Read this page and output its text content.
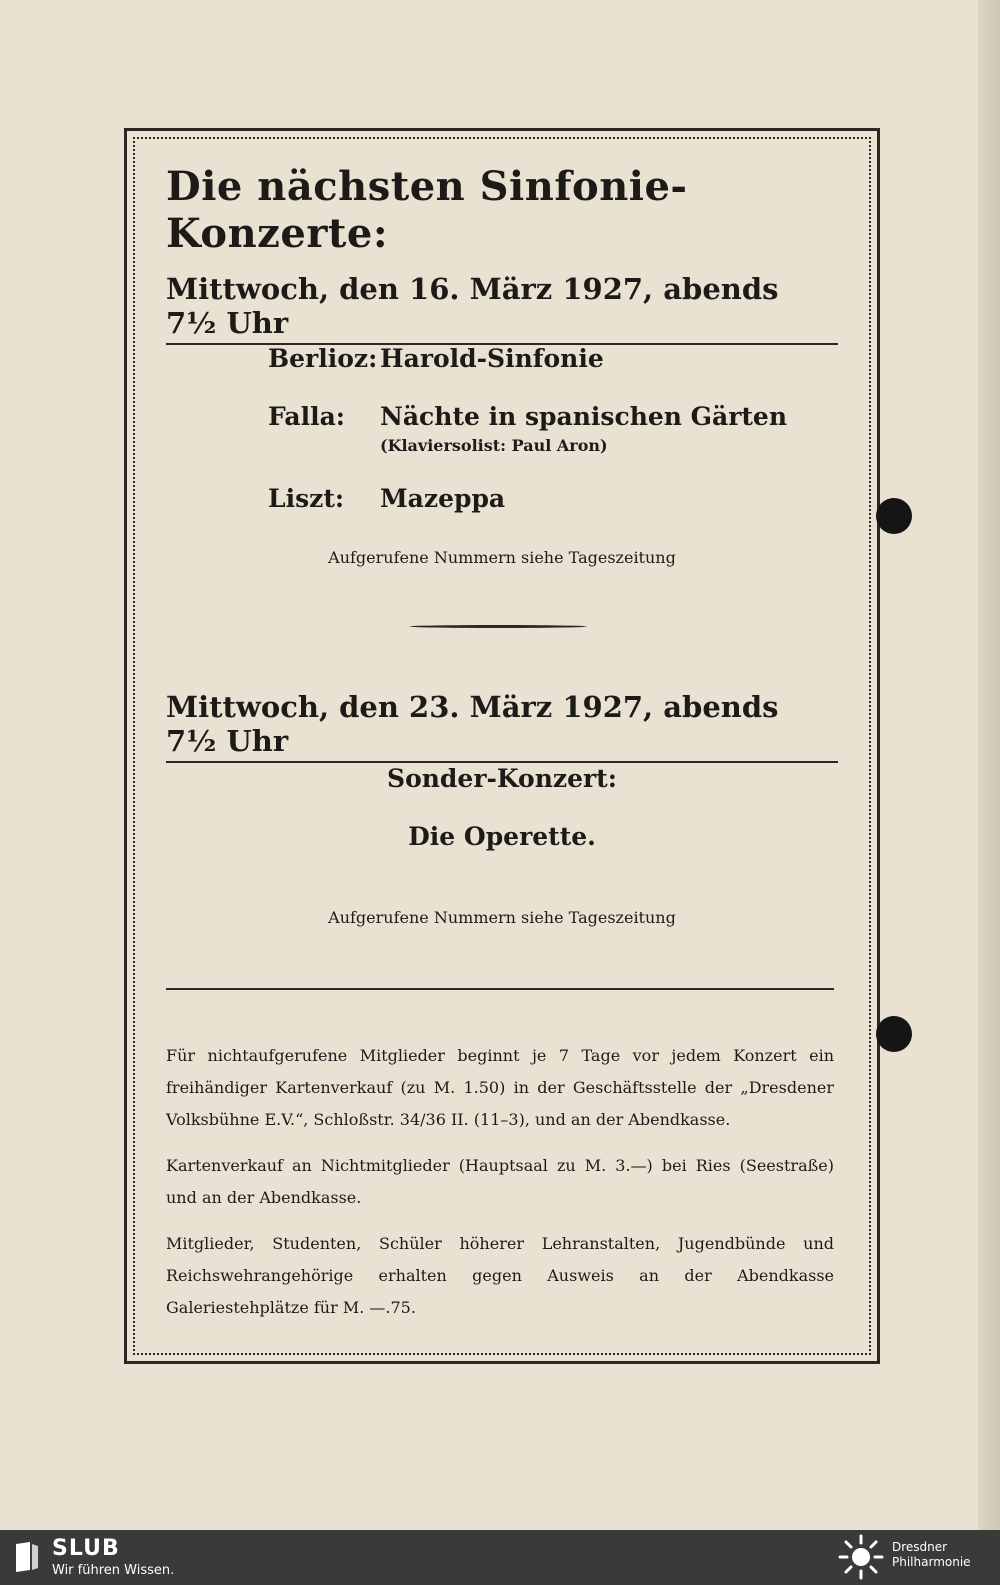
Die nächsten Sinfonie-Konzerte:
Mittwoch, den 16. März 1927, abends 7½ Uhr
Berlioz: Harold-Sinfonie
Falla:	Nächte in spanischen Gärten
(Klaviersolist: Paul Aron)
Liszt:	Mazeppa
Aufgerufene Nummern siehe Tageszeitung
Mittwoch, den 23. März 1927, abends 7½ Uhr
Sonder-Konzert:
Die Operette.
Aufgerufene Nummern siehe Tageszeitung
Für nichtaufgerufene Mitglieder beginnt je 7 Tage vor jedem Konzert ein freihändiger Kartenverkauf (zu M. 1.50) in der Geschäftsstelle der „Dresdener Volksbühne E.V.“, Schloßstr. 34/36 II. (11–3), und an der Abendkasse.
Kartenverkauf an Nichtmitglieder (Hauptsaal zu M. 3.—) bei Ries (Seestraße) und an der Abendkasse.
Mitglieder, Studenten, Schüler höherer Lehranstalten, Jugendbünde und Reichswehrangehörige erhalten gegen Ausweis an der Abendkasse Galeriestehplätze für M. —.75.
SLUB
Wir führen Wissen.
Dresdner
Philharmonie
